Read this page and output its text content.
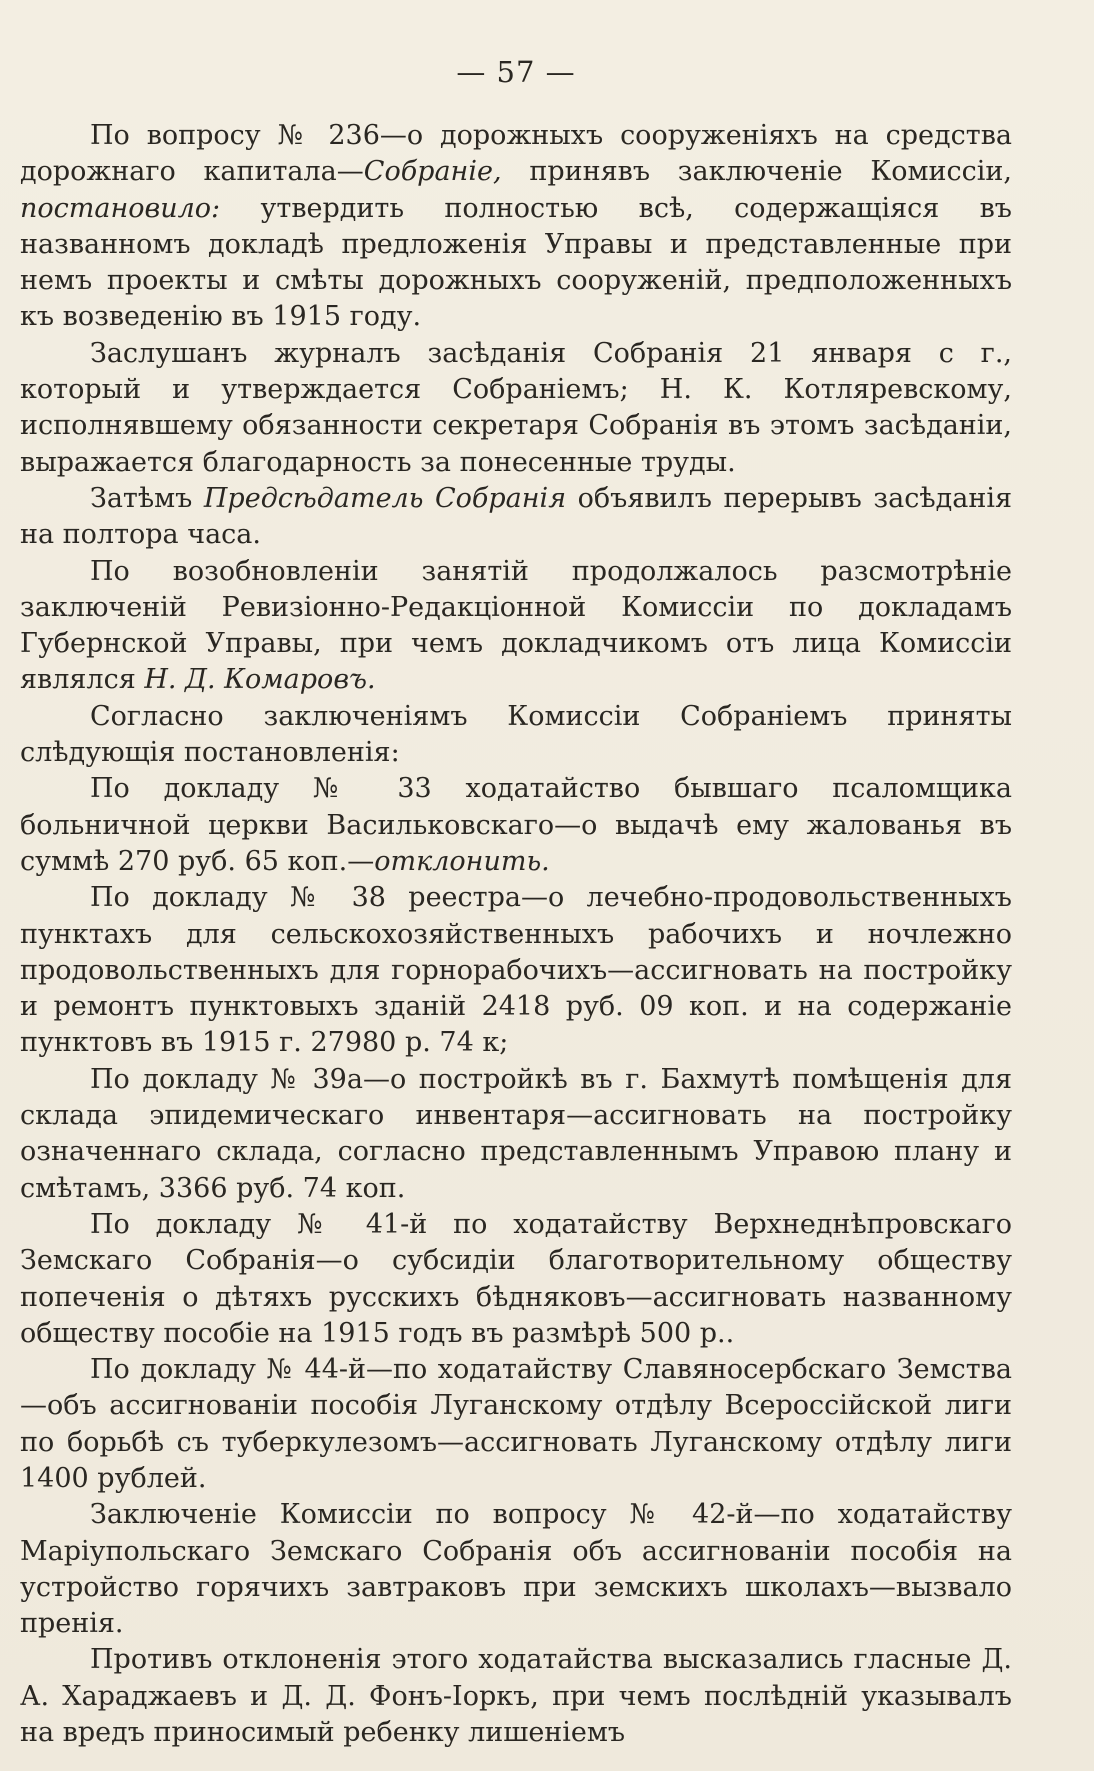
— 57 —

По вопросу № 236—о дорожныхъ сооруженіяхъ на средства дорожнаго капитала—Собраніе, принявъ заключеніе Комиссіи, постановило: утвердить полностью всѣ, содержащіяся въ названномъ докладѣ предложенія Управы и представленные при немъ проекты и смѣты дорожныхъ сооруженій, предположенныхъ къ возведенію въ 1915 году.

Заслушанъ журналъ засѣданія Собранія 21 января с г., который и утверждается Собраніемъ; Н. К. Котляревскому, исполнявшему обязанности секретаря Собранія въ этомъ засѣданіи, выражается благодарность за понесенные труды.

Затѣмъ Предсѣдатель Собранія объявилъ перерывъ засѣданія на полтора часа.

По возобновленіи занятій продолжалось разсмотрѣніе заключеній Ревизіонно-Редакціонной Комиссіи по докладамъ Губернской Управы, при чемъ докладчикомъ отъ лица Комиссіи являлся Н. Д. Комаровъ.

Согласно заключеніямъ Комиссіи Собраніемъ приняты слѣдующія постановленія:

По докладу № 33 ходатайство бывшаго псаломщика больничной церкви Васильковскаго—о выдачѣ ему жалованья въ суммѣ 270 руб. 65 коп.—отклонить.

По докладу № 38 реестра—о лечебно-продовольственныхъ пунктахъ для сельскохозяйственныхъ рабочихъ и ночлежно продовольственныхъ для горнорабочихъ—ассигновать на постройку и ремонтъ пунктовыхъ зданій 2418 руб. 09 коп. и на содержаніе пунктовъ въ 1915 г. 27980 р. 74 к;

По докладу № 39а—о постройкѣ въ г. Бахмутѣ помѣщенія для склада эпидемическаго инвентаря—ассигновать на постройку означеннаго склада, согласно представленнымъ Управою плану и смѣтамъ, 3366 руб. 74 коп.

По докладу № 41-й по ходатайству Верхнеднѣпровскаго Земскаго Собранія—о субсидіи благотворительному обществу попеченія о дѣтяхъ русскихъ бѣдняковъ—ассигновать названному обществу пособіе на 1915 годъ въ размѣрѣ 500 р..

По докладу № 44-й—по ходатайству Славяносербскаго Земства—объ ассигнованіи пособія Луганскому отдѣлу Всероссійской лиги по борьбѣ съ туберкулезомъ—ассигновать Луганскому отдѣлу лиги 1400 рублей.

Заключеніе Комиссіи по вопросу № 42-й—по ходатайству Маріупольскаго Земскаго Собранія объ ассигнованіи пособія на устройство горячихъ завтраковъ при земскихъ школахъ—вызвало пренія.

Противъ отклоненія этого ходатайства высказались гласные Д. А. Хараджаевъ и Д. Д. Фонъ-Іоркъ, при чемъ послѣдній указывалъ на вредъ приносимый ребенку лишеніемъ
